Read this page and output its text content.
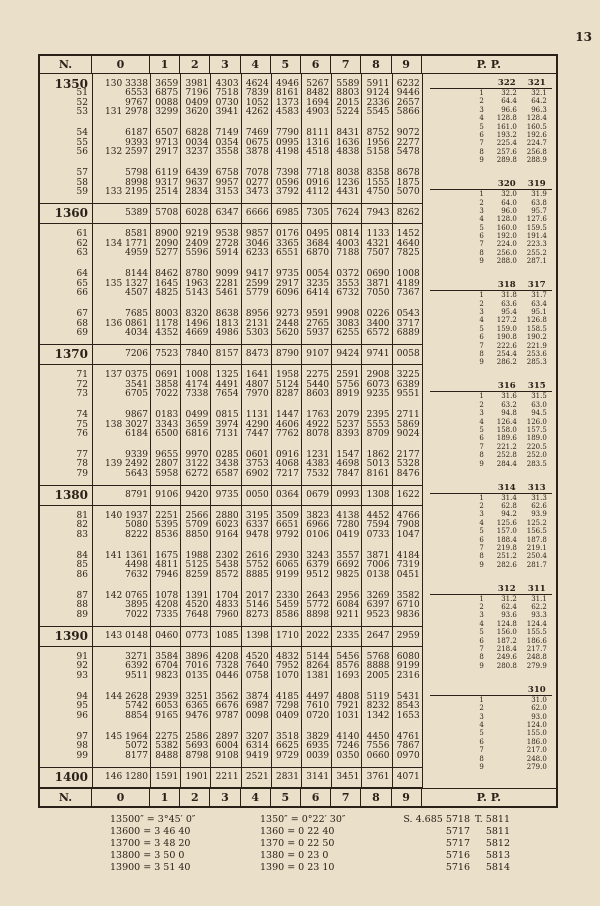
13
N.	0	1	2	3	4	5	6	7	8	9	P. P.
322	321
1	32.2	32.1
2	64.4	64.2
3	96.6	96.3
4	128.8	128.4
5	161.0	160.5
6	193.2	192.6
7	225.4	224.7
8	257.6	256.8
9	289.8	288.9
320	319
1	32.0	31.9
2	64.0	63.8
3	96.0	95.7
4	128.0	127.6
5	160.0	159.5
6	192.0	191.4
7	224.0	223.3
8	256.0	255.2
9	288.0	287.1
318	317
1	31.8	31.7
2	63.6	63.4
3	95.4	95.1
4	127.2	126.8
5	159.0	158.5
6	190.8	190.2
7	222.6	221.9
8	254.4	253.6
9	286.2	285.3
316	315
1	31.6	31.5
2	63.2	63.0
3	94.8	94.5
4	126.4	126.0
5	158.0	157.5
6	189.6	189.0
7	221.2	220.5
8	252.8	252.0
9	284.4	283.5
314	313
1	31.4	31.3
2	62.8	62.6
3	94.2	93.9
4	125.6	125.2
5	157.0	156.5
6	188.4	187.8
7	219.8	219.1
8	251.2	250.4
9	282.6	281.7
312	311
1	31.2	31.1
2	62.4	62.2
3	93.6	93.3
4	124.8	124.4
5	156.0	155.5
6	187.2	186.6
7	218.4	217.7
8	249.6	248.8
9	280.8	279.9
310
1	31.0
2	62.0
3	93.0
4	124.0
5	155.0
6	186.0
7	217.0
8	248.0
9	279.0
1350	130 3338 3659 3981 4303 4624 4946 5267 5589 5911 6232
51	6553 6875 7196 7518 7839 8161 8482 8803 9124 9446
52	9767 0088 0409 0730 1052 1373 1694 2015 2336 2657
53	131 2978 3299 3620 3941 4262 4583 4903 5224 5545 5866
54	6187 6507 6828 7149 7469 7790 8111 8431 8752 9072
55	9393 9713 0034 0354 0675 0995 1316 1636 1956 2277
56	132 2597 2917 3237 3558 3878 4198 4518 4838 5158 5478
57	5798 6119 6439 6758 7078 7398 7718 8038 8358 8678
58	8998 9317 9637 9957 0277 0596 0916 1236 1555 1875
59	133 2195 2514 2834 3153 3473 3792 4112 4431 4750 5070
1360	5389 5708 6028 6347 6666 6985 7305 7624 7943 8262
61	8581 8900 9219 9538 9857 0176 0495 0814 1133 1452
62	134 1771 2090 2409 2728 3046 3365 3684 4003 4321 4640
63	4959 5277 5596 5914 6233 6551 6870 7188 7507 7825
64	8144 8462 8780 9099 9417 9735 0054 0372 0690 1008
65	135 1327 1645 1963 2281 2599 2917 3235 3553 3871 4189
66	4507 4825 5143 5461 5779 6096 6414 6732 7050 7367
67	7685 8003 8320 8638 8956 9273 9591 9908 0226 0543
68	136 0861 1178 1496 1813 2131 2448 2765 3083 3400 3717
69	4034 4352 4669 4986 5303 5620 5937 6255 6572 6889
1370	7206 7523 7840 8157 8473 8790 9107 9424 9741 0058
71	137 0375 0691 1008 1325 1641 1958 2275 2591 2908 3225
72	3541 3858 4174 4491 4807 5124 5440 5756 6073 6389
73	6705 7022 7338 7654 7970 8287 8603 8919 9235 9551
74	9867 0183 0499 0815 1131 1447 1763 2079 2395 2711
75	138 3027 3343 3659 3974 4290 4606 4922 5237 5553 5869
76	6184 6500 6816 7131 7447 7762 8078 8393 8709 9024
77	9339 9655 9970 0285 0601 0916 1231 1547 1862 2177
78	139 2492 2807 3122 3438 3753 4068 4383 4698 5013 5328
79	5643 5958 6272 6587 6902 7217 7532 7847 8161 8476
1380	8791 9106 9420 9735 0050 0364 0679 0993 1308 1622
81	140 1937 2251 2566 2880 3195 3509 3823 4138 4452 4766
82	5080 5395 5709 6023 6337 6651 6966 7280 7594 7908
83	8222 8536 8850 9164 9478 9792 0106 0419 0733 1047
84	141 1361 1675 1988 2302 2616 2930 3243 3557 3871 4184
85	4498 4811 5125 5438 5752 6065 6379 6692 7006 7319
86	7632 7946 8259 8572 8885 9199 9512 9825 0138 0451
87	142 0765 1078 1391 1704 2017 2330 2643 2956 3269 3582
88	3895 4208 4520 4833 5146 5459 5772 6084 6397 6710
89	7022 7335 7648 7960 8273 8586 8898 9211 9523 9836
1390	143 0148 0460 0773 1085 1398 1710 2022 2335 2647 2959
91	3271 3584 3896 4208 4520 4832 5144 5456 5768 6080
92	6392 6704 7016 7328 7640 7952 8264 8576 8888 9199
93	9511 9823 0135 0446 0758 1070 1381 1693 2005 2316
94	144 2628 2939 3251 3562 3874 4185 4497 4808 5119 5431
95	5742 6053 6365 6676 6987 7298 7610 7921 8232 8543
96	8854 9165 9476 9787 0098 0409 0720 1031 1342 1653
97	145 1964 2275 2586 2897 3207 3518 3829 4140 4450 4761
98	5072 5382 5693 6004 6314 6625 6935 7246 7556 7867
99	8177 8488 8798 9108 9419 9729 0039 0350 0660 0970
1400	146 1280 1591 1901 2211 2521 2831 3141 3451 3761 4071
N.	0	1	2	3	4	5	6	7	8	9	P. P.
13500″ = 3°45′ 0″	1350″ = 0°22′ 30″	S. 4.685 5718 T. 5811
13600 = 3 46 40	1360 = 0 22 40	5717	5811
13700 = 3 48 20	1370 = 0 22 50	5717	5812
13800 = 3 50 0	1380 = 0 23 0	5716	5813
13900 = 3 51 40	1390 = 0 23 10	5716	5814
